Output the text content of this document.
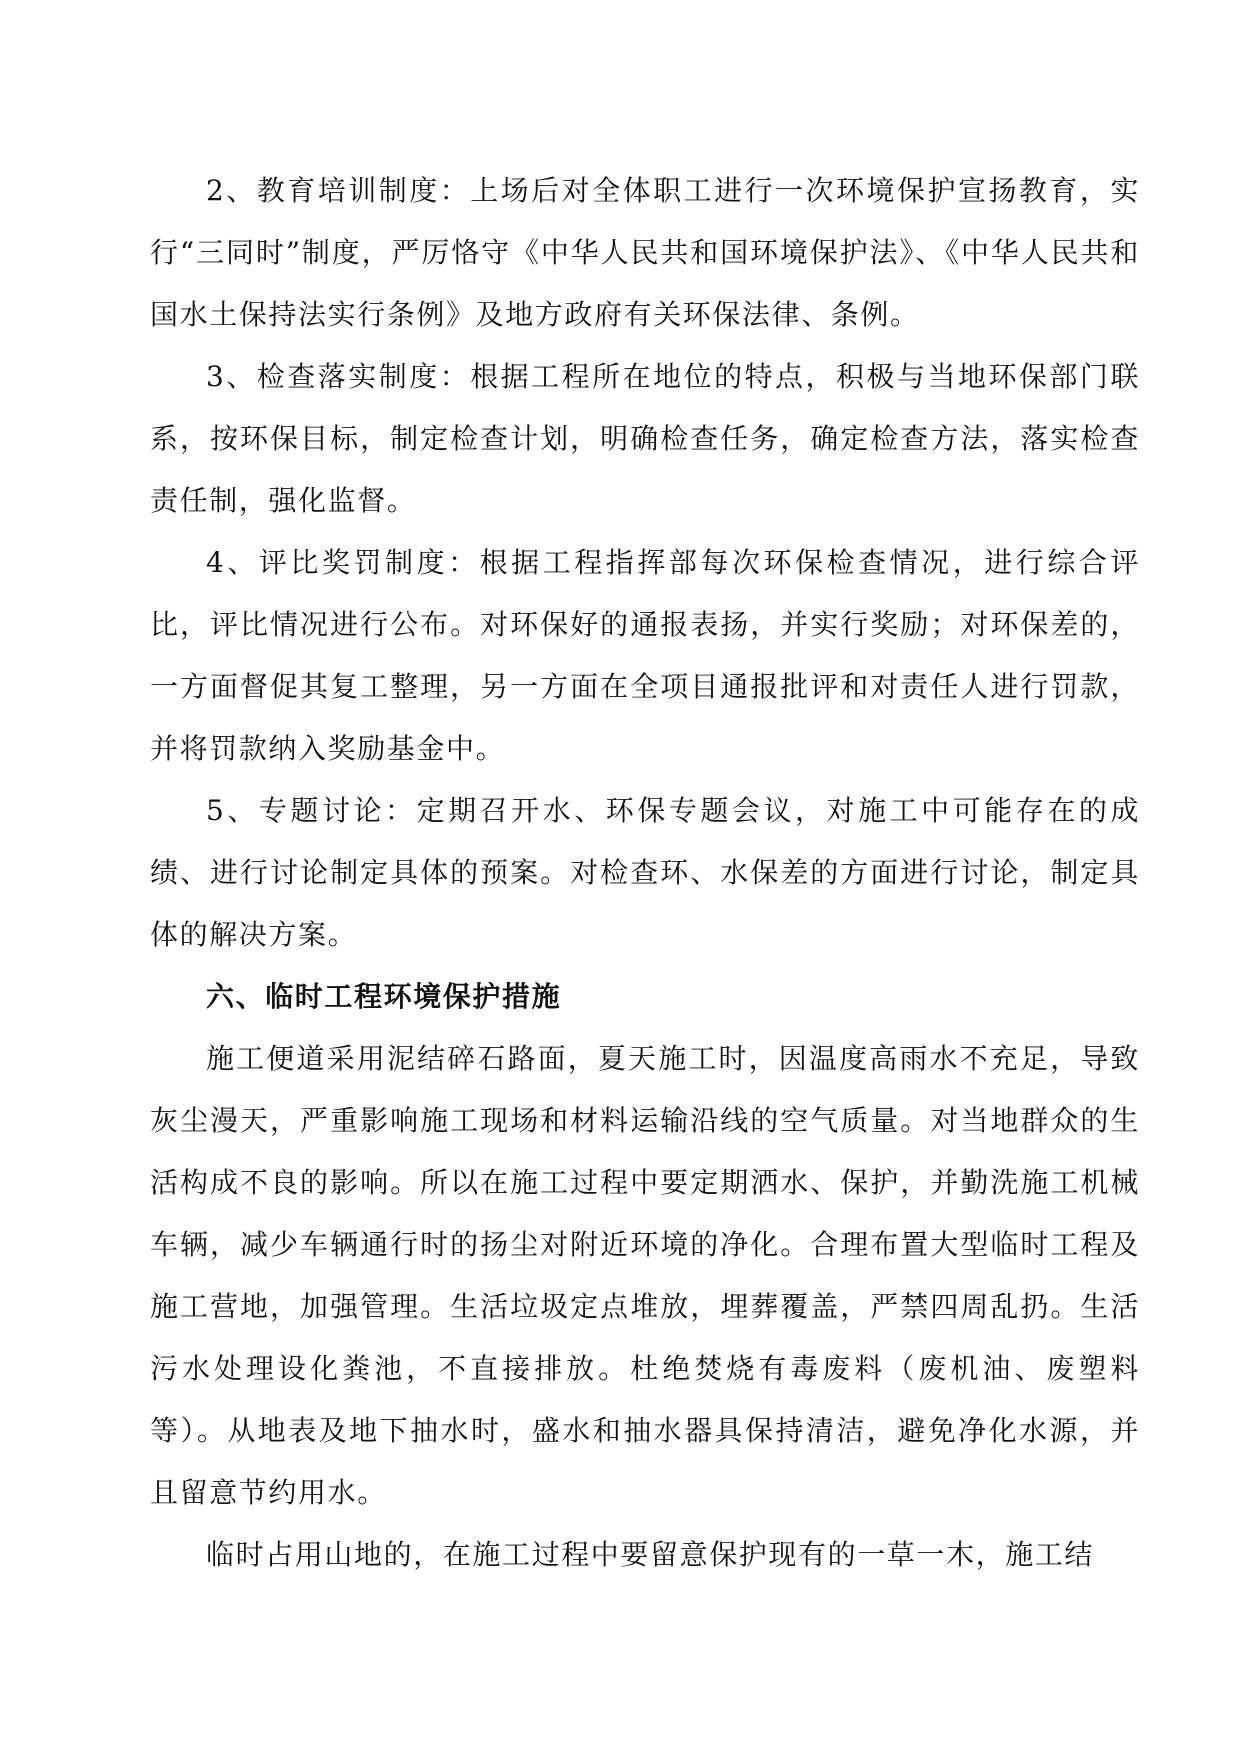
2、教育培训制度：上场后对全体职工进行一次环境保护宣扬教育，实行“三同时”制度，严厉恪守《中华人民共和国环境保护法》、《中华人民共和国水土保持法实行条例》及地方政府有关环保法律、条例。

3、检查落实制度：根据工程所在地位的特点，积极与当地环保部门联系，按环保目标，制定检查计划，明确检查任务，确定检查方法，落实检查责任制，强化监督。

4、评比奖罚制度：根据工程指挥部每次环保检查情况，进行综合评比，评比情况进行公布。对环保好的通报表扬，并实行奖励；对环保差的，一方面督促其复工整理，另一方面在全项目通报批评和对责任人进行罚款，并将罚款纳入奖励基金中。

5、专题讨论：定期召开水、环保专题会议，对施工中可能存在的成绩、进行讨论制定具体的预案。对检查环、水保差的方面进行讨论，制定具体的解决方案。

六、临时工程环境保护措施

施工便道采用泥结碎石路面，夏天施工时，因温度高雨水不充足，导致灰尘漫天，严重影响施工现场和材料运输沿线的空气质量。对当地群众的生活构成不良的影响。所以在施工过程中要定期洒水、保护，并勤洗施工机械车辆，减少车辆通行时的扬尘对附近环境的净化。合理布置大型临时工程及施工营地，加强管理。生活垃圾定点堆放，埋葬覆盖，严禁四周乱扔。生活污水处理设化粪池，不直接排放。杜绝焚烧有毒废料（废机油、废塑料等）。从地表及地下抽水时，盛水和抽水器具保持清洁，避免净化水源，并且留意节约用水。

临时占用山地的，在施工过程中要留意保护现有的一草一木，施工结
